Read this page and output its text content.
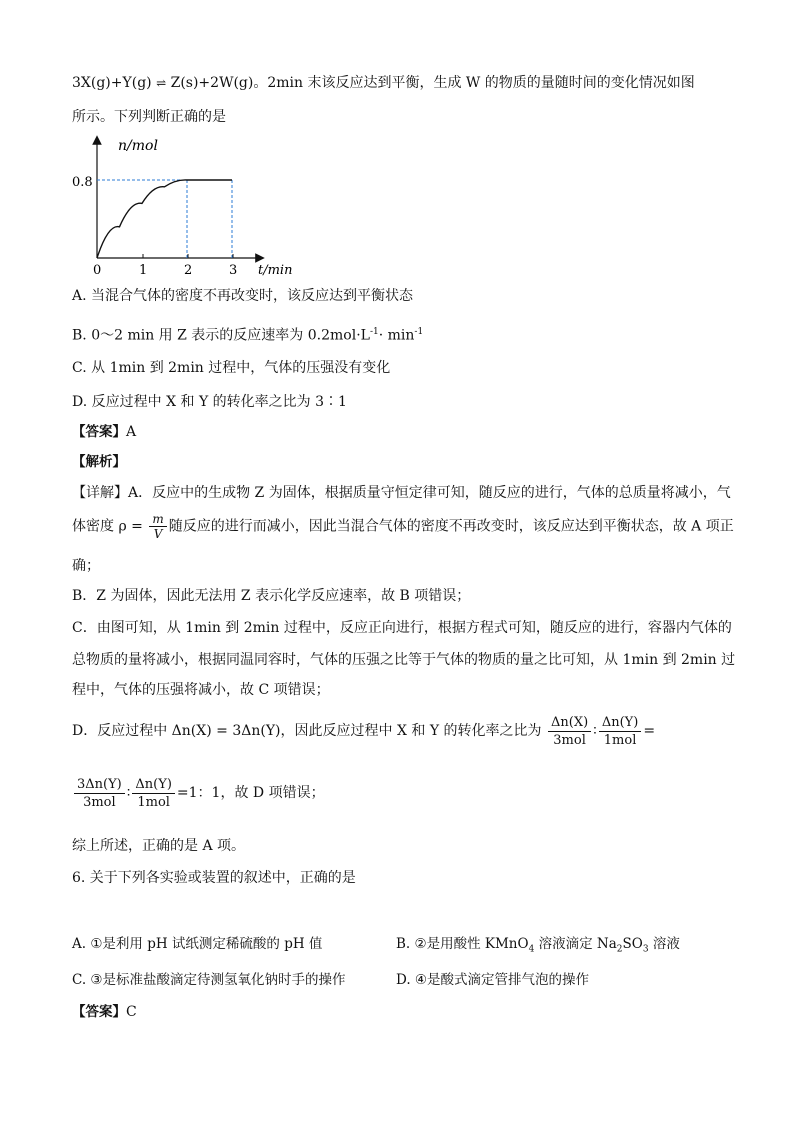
3X(g)+Y(g) ⇌ Z(s)+2W(g)。2min 末该反应达到平衡，生成 W 的物质的量随时间的变化情况如图
所示。下列判断正确的是
n/mol
t/min
0.8
0	1	2	3
A. 当混合气体的密度不再改变时，该反应达到平衡状态
B. 0～2 min 用 Z 表示的反应速率为 $0.2mol\cdot L^{-1}\cdot \min^{-1}$
C. 从 1min 到 2min 过程中，气体的压强没有变化
D. 反应过程中 X 和 Y 的转化率之比为 3∶1
【答案】A
【解析】
【详解】A．反应中的生成物 Z 为固体，根据质量守恒定律可知，随反应的进行，气体的总质量将减小，气
体密度 $\rho = \frac{m}{V}$ 随反应的进行而减小，因此当混合气体的密度不再改变时，该反应达到平衡状态，故 A 项正
确；
B．Z 为固体，因此无法用 Z 表示化学反应速率，故 B 项错误；
C．由图可知，从 1min 到 2min 过程中，反应正向进行，根据方程式可知，随反应的进行，容器内气体的
总物质的量将减小，根据同温同容时，气体的压强之比等于气体的物质的量之比可知，从 1min 到 2min 过
程中，气体的压强将减小，故 C 项错误；
D．反应过程中 Δn(X) = 3Δn(Y)，因此反应过程中 X 和 Y 的转化率之比为 $\frac{\Delta n(X)}{\text{3mol}}$ ∶ $\frac{\Delta n(Y)}{\text{1mol}}$ =
$\frac{3\Delta n(Y)}{\text{3mol}}$ ∶ $\frac{\Delta n(Y)}{\text{1mol}} =1$：1，故 D 项错误；
综上所述，正确的是 A 项。
6. 关于下列各实验或装置的叙述中，正确的是
A. ①是利用 pH 试纸测定稀硫酸的 pH 值	B. ②是用酸性 KMnO$_4$ 溶液滴定 $Na_2SO_3$ 溶液
C. ③是标准盐酸滴定待测氢氧化钠时手的操作	D. ④是酸式滴定管排气泡的操作
【答案】C
